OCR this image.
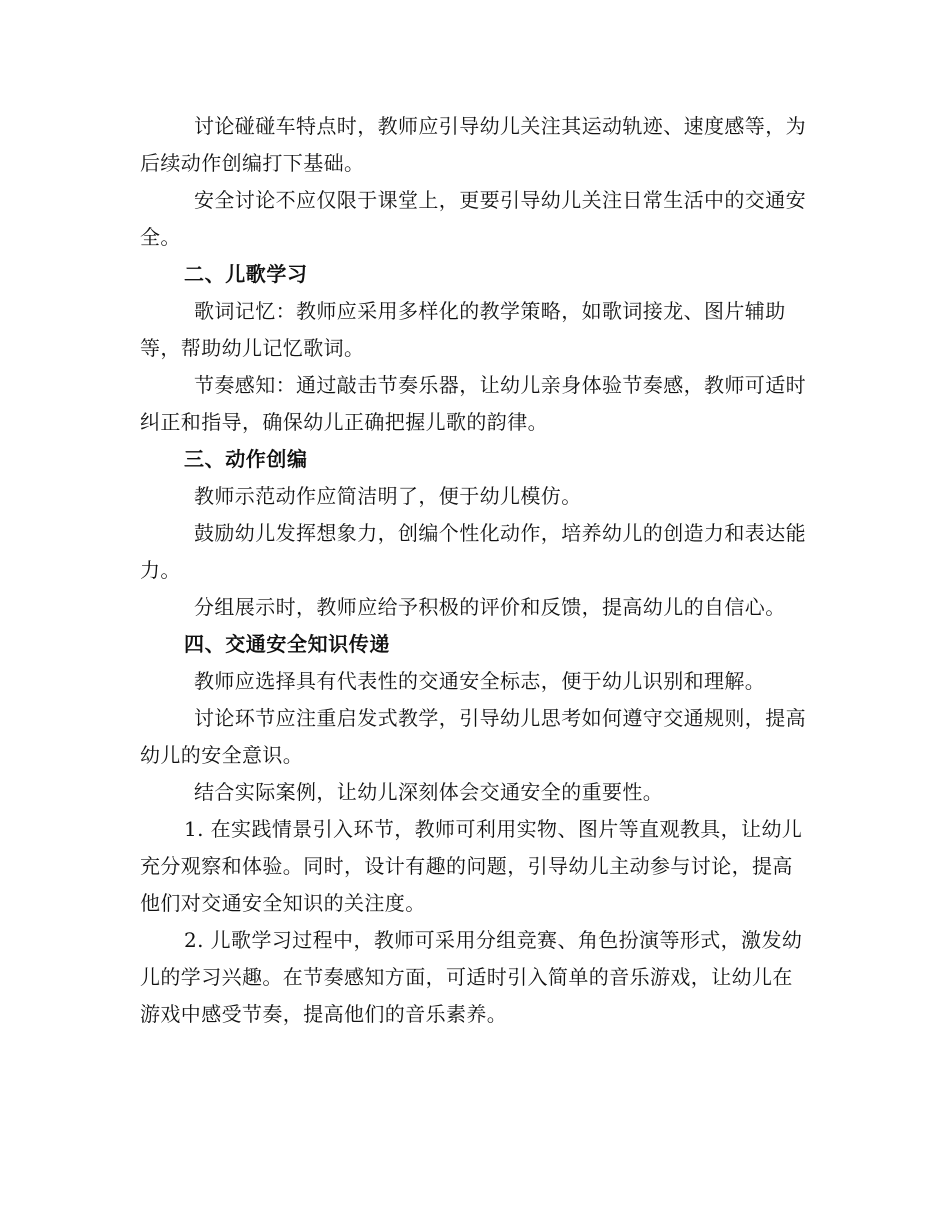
讨论碰碰车特点时，教师应引导幼儿关注其运动轨迹、速度感等，为后续动作创编打下基础。

安全讨论不应仅限于课堂上，更要引导幼儿关注日常生活中的交通安全。

二、儿歌学习

歌词记忆：教师应采用多样化的教学策略，如歌词接龙、图片辅助等，帮助幼儿记忆歌词。

节奏感知：通过敲击节奏乐器，让幼儿亲身体验节奏感，教师可适时纠正和指导，确保幼儿正确把握儿歌的韵律。

三、动作创编

教师示范动作应简洁明了，便于幼儿模仿。

鼓励幼儿发挥想象力，创编个性化动作，培养幼儿的创造力和表达能力。

分组展示时，教师应给予积极的评价和反馈，提高幼儿的自信心。

四、交通安全知识传递

教师应选择具有代表性的交通安全标志，便于幼儿识别和理解。

讨论环节应注重启发式教学，引导幼儿思考如何遵守交通规则，提高幼儿的安全意识。

结合实际案例，让幼儿深刻体会交通安全的重要性。

1. 在实践情景引入环节，教师可利用实物、图片等直观教具，让幼儿充分观察和体验。同时，设计有趣的问题，引导幼儿主动参与讨论，提高他们对交通安全知识的关注度。

2. 儿歌学习过程中，教师可采用分组竞赛、角色扮演等形式，激发幼儿的学习兴趣。在节奏感知方面，可适时引入简单的音乐游戏，让幼儿在游戏中感受节奏，提高他们的音乐素养。
